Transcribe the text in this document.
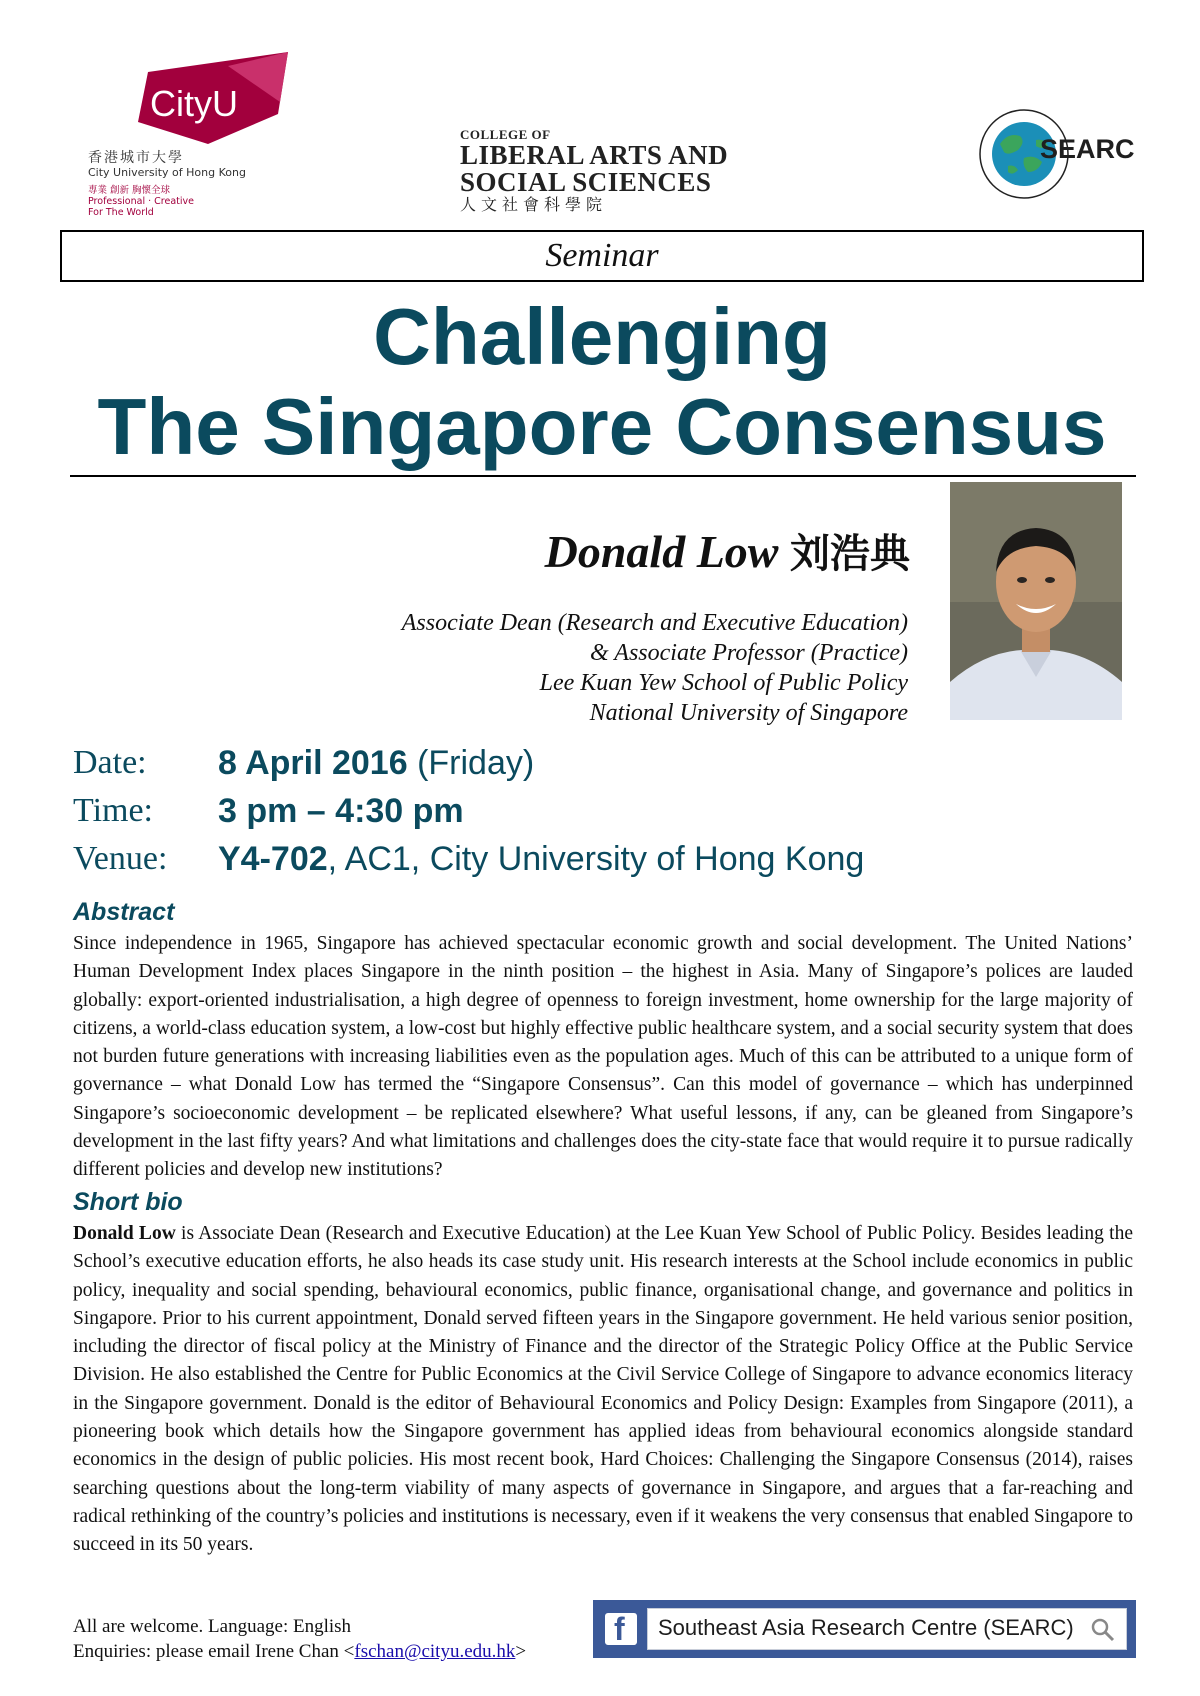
CityU
香港城市大學
City University of Hong Kong
專業 創新 胸懷全球
Professional · Creative
For The World
COLLEGE OF
LIBERAL ARTS AND
SOCIAL SCIENCES
人文社會科學院
SEARC
Seminar
Challenging
The Singapore Consensus
Donald Low 刘浩典
Associate Dean (Research and Executive Education)
& Associate Professor (Practice)
Lee Kuan Yew School of Public Policy
National University of Singapore
Date: 8 April 2016 (Friday)
Time: 3 pm – 4:30 pm
Venue: Y4-702, AC1, City University of Hong Kong
Abstract
Since independence in 1965, Singapore has achieved spectacular economic growth and social development. The United Nations’ Human Development Index places Singapore in the ninth position – the highest in Asia. Many of Singapore’s polices are lauded globally: export-oriented industrialisation, a high degree of openness to foreign investment, home ownership for the large majority of citizens, a world-class education system, a low-cost but highly effective public healthcare system, and a social security system that does not burden future generations with increasing liabilities even as the population ages. Much of this can be attributed to a unique form of governance – what Donald Low has termed the “Singapore Consensus”. Can this model of governance – which has underpinned Singapore’s socioeconomic development – be replicated elsewhere? What useful lessons, if any, can be gleaned from Singapore’s development in the last fifty years? And what limitations and challenges does the city-state face that would require it to pursue radically different policies and develop new institutions?
Short bio
Donald Low is Associate Dean (Research and Executive Education) at the Lee Kuan Yew School of Public Policy. Besides leading the School’s executive education efforts, he also heads its case study unit. His research interests at the School include economics in public policy, inequality and social spending, behavioural economics, public finance, organisational change, and governance and politics in Singapore. Prior to his current appointment, Donald served fifteen years in the Singapore government. He held various senior position, including the director of fiscal policy at the Ministry of Finance and the director of the Strategic Policy Office at the Public Service Division. He also established the Centre for Public Economics at the Civil Service College of Singapore to advance economics literacy in the Singapore government. Donald is the editor of Behavioural Economics and Policy Design: Examples from Singapore (2011), a pioneering book which details how the Singapore government has applied ideas from behavioural economics alongside standard economics in the design of public policies. His most recent book, Hard Choices: Challenging the Singapore Consensus (2014), raises searching questions about the long-term viability of many aspects of governance in Singapore, and argues that a far-reaching and radical rethinking of the country’s policies and institutions is necessary, even if it weakens the very consensus that enabled Singapore to succeed in its 50 years.
All are welcome. Language: English
Enquiries: please email Irene Chan <fschan@cityu.edu.hk>
f Southeast Asia Research Centre (SEARC)
